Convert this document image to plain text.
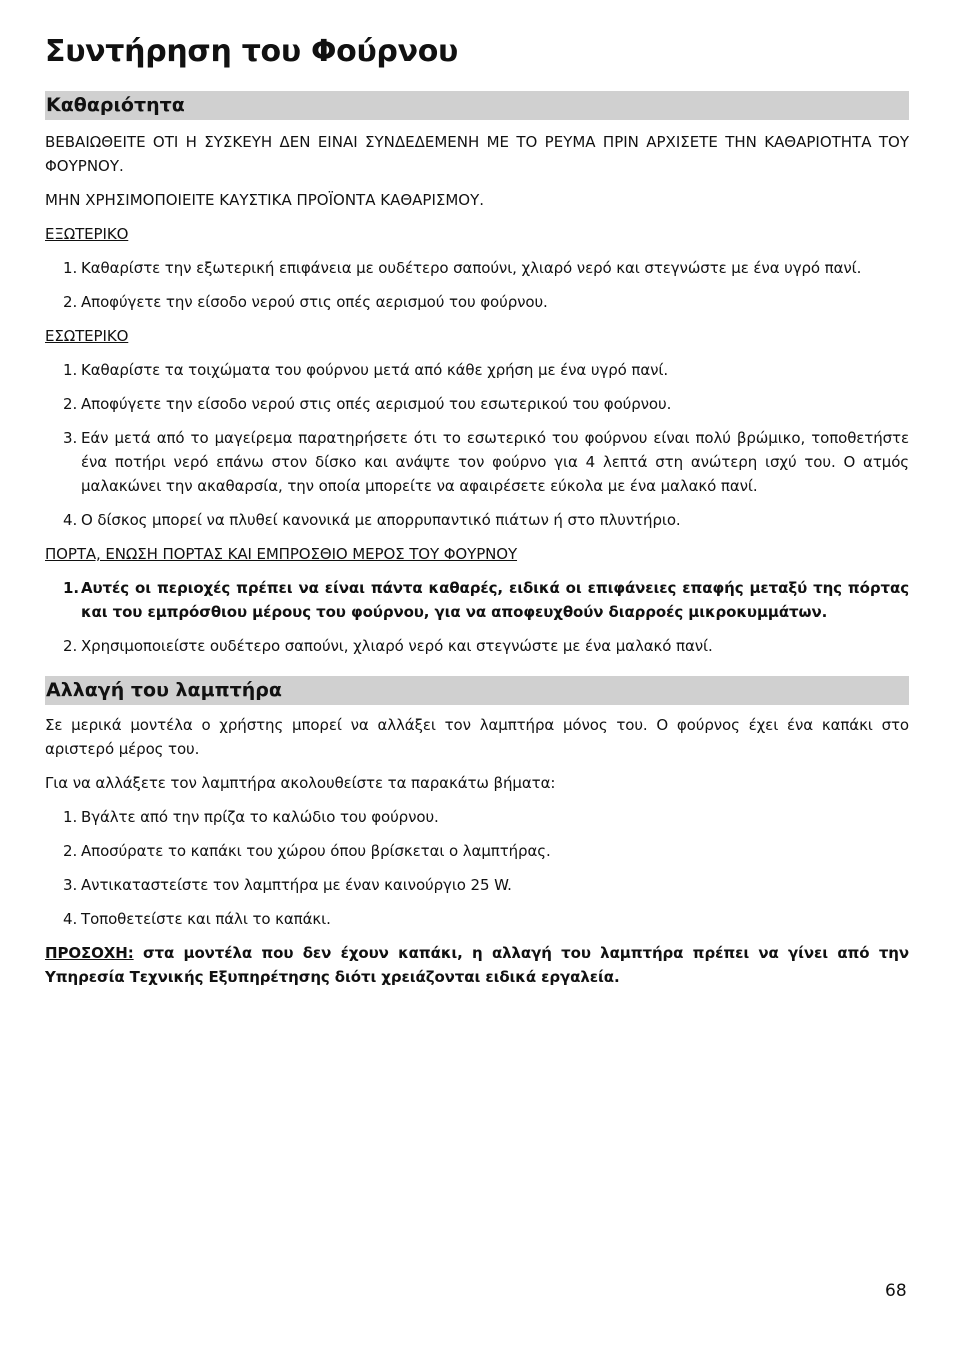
Συντήρηση του Φούρνου
Καθαριότητα

ΒΕΒΑΙΩΘΕΙΤΕ ΟΤΙ Η ΣΥΣΚΕΥΗ ΔΕΝ ΕΙΝΑΙ ΣΥΝΔΕΔΕΜΕΝΗ ΜΕ ΤΟ ΡΕΥΜΑ ΠΡΙΝ ΑΡΧΙΣΕΤΕ ΤΗΝ ΚΑΘΑΡΙΟΤΗΤΑ ΤΟΥ ΦΟΥΡΝΟΥ.

ΜΗΝ ΧΡΗΣΙΜΟΠΟΙΕΙΤΕ ΚΑΥΣΤΙΚΑ ΠΡΟΪΟΝΤΑ ΚΑΘΑΡΙΣΜΟΥ.

ΕΞΩΤΕΡΙΚΟ

1. Καθαρίστε την εξωτερική επιφάνεια με ουδέτερο σαπούνι, χλιαρό νερό και στεγνώστε με ένα υγρό πανί.
2. Αποφύγετε την είσοδο νερού στις οπές αερισμού του φούρνου.

ΕΣΩΤΕΡΙΚΟ

1. Καθαρίστε τα τοιχώματα του φούρνου μετά από κάθε χρήση με ένα υγρό πανί.
2. Αποφύγετε την είσοδο νερού στις οπές αερισμού του εσωτερικού του φούρνου.
3. Εάν μετά από το μαγείρεμα παρατηρήσετε ότι το εσωτερικό του φούρνου είναι πολύ βρώμικο, τοποθετήστε ένα ποτήρι νερό επάνω στον δίσκο και ανάψτε τον φούρνο για 4 λεπτά στη ανώτερη ισχύ του. Ο ατμός μαλακώνει την ακαθαρσία, την οποία μπορείτε να αφαιρέσετε εύκολα με ένα μαλακό πανί.
4. Ο δίσκος μπορεί να πλυθεί κανονικά με απορρυπαντικό πιάτων ή στο πλυντήριο.

ΠΟΡΤΑ, ΕΝΩΣΗ ΠΟΡΤΑΣ ΚΑΙ ΕΜΠΡΟΣΘΙΟ ΜΕΡΟΣ ΤΟΥ ΦΟΥΡΝΟΥ

1. Αυτές οι περιοχές πρέπει να είναι πάντα καθαρές, ειδικά οι επιφάνειες επαφής μεταξύ της πόρτας και του εμπρόσθιου μέρους του φούρνου, για να αποφευχθούν διαρροές μικροκυμμάτων.
2. Χρησιμοποιείστε ουδέτερο σαπούνι, χλιαρό νερό και στεγνώστε με ένα μαλακό πανί.
Αλλαγή του λαμπτήρα

Σε μερικά μοντέλα ο χρήστης μπορεί να αλλάξει τον λαμπτήρα μόνος του. Ο φούρνος έχει ένα καπάκι στο αριστερό μέρος του.

Για να αλλάξετε τον λαμπτήρα ακολουθείστε τα παρακάτω βήματα:

1. Βγάλτε από την πρίζα το καλώδιο του φούρνου.
2. Αποσύρατε το καπάκι του χώρου όπου βρίσκεται ο λαμπτήρας.
3. Αντικαταστείστε τον λαμπτήρα με έναν καινούργιο 25 W.
4. Τοποθετείστε και πάλι το καπάκι.

ΠΡΟΣΟΧΗ: στα μοντέλα που δεν έχουν καπάκι, η αλλαγή του λαμπτήρα πρέπει να γίνει από την Υπηρεσία Τεχνικής Εξυπηρέτησης διότι χρειάζονται ειδικά εργαλεία.

68
